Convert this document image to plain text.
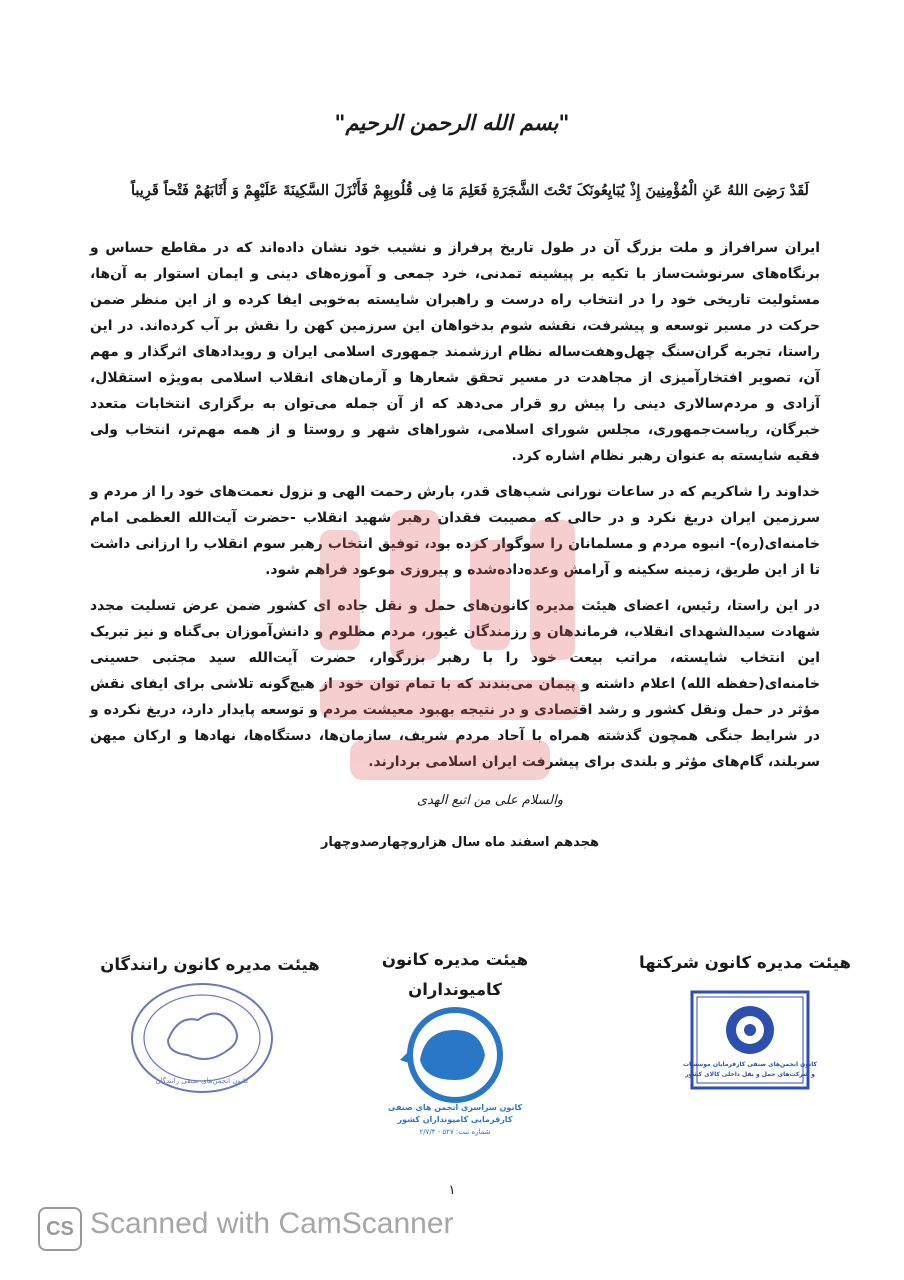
"بسم الله الرحمن الرحیم"
لَقَدْ رَضِیَ اللهُ عَنِ الْمُؤْمِنِینَ إِذْ یُبَایِعُونَکَ تَحْتَ الشَّجَرَةِ فَعَلِمَ مَا فِی قُلُوبِهِمْ فَأَنْزَلَ السَّکِینَةَ عَلَیْهِمْ وَ أَثَابَهُمْ فَتْحاً قَرِیباً

ایران سرافراز و ملت بزرگ آن در طول تاریخ پرفراز و نشیب خود نشان داده‌اند که در مقاطع حساس و برنگاه‌های سرنوشت‌ساز با تکیه بر پیشینه تمدنی، خرد جمعی و آموزه‌های دینی و ایمان استوار به آن‌ها، مسئولیت تاریخی خود را در انتخاب راه درست و راهبران شایسته به‌خوبی ایفا کرده و از این منظر ضمن حرکت در مسیر توسعه و پیشرفت، نقشه شوم بدخواهان این سرزمین کهن را نقش بر آب کرده‌اند. در این راستا، تجربه گران‌سنگ چهل‌وهفت‌ساله نظام ارزشمند جمهوری اسلامی ایران و رویدادهای اثرگذار و مهم آن، تصویر افتخارآمیزی از مجاهدت در مسیر تحقق شعارها و آرمان‌های انقلاب اسلامی به‌ویژه استقلال، آزادی و مردم‌سالاری دینی را پیش رو قرار می‌دهد که از آن جمله می‌توان به برگزاری انتخابات متعدد خبرگان، ریاست‌جمهوری، مجلس شورای اسلامی، شوراهای شهر و روستا و از همه مهم‌تر، انتخاب ولی فقیه شایسته به عنوان رهبر نظام اشاره کرد.

خداوند را شاکریم که در ساعات نورانی شب‌های قدر، بارش رحمت الهی و نزول نعمت‌های خود را از مردم و سرزمین ایران دریغ نکرد و در حالی که مصیبت فقدان رهبر شهید انقلاب -حضرت آیت‌الله العظمی امام خامنه‌ای(ره)- انبوه مردم و مسلمانان را سوگوار کرده بود، توفیق انتخاب رهبر سوم انقلاب را ارزانی داشت تا از این طریق، زمینه سکینه و آرامش وعده‌داده‌شده و پیروزی موعود فراهم شود.

در این راستا، رئیس، اعضای هیئت مدیره کانون‌های حمل و نقل جاده ای کشور ضمن عرض تسلیت مجدد شهادت سیدالشهدای انقلاب، فرماندهان و رزمندگان غیور، مردم مظلوم و دانش‌آموزان بی‌گناه و نیز تبریک این انتخاب شایسته، مراتب بیعت خود را با رهبر بزرگوار، حضرت آیت‌الله سید مجتبی حسینی خامنه‌ای(حفظه الله) اعلام داشته و پیمان می‌بندند که با تمام توان خود از هیچ‌گونه تلاشی برای ایفای نقش مؤثر در حمل ونقل کشور و رشد اقتصادی و در نتیجه بهبود معیشت مردم و توسعه پایدار دارد، دریغ نکرده و در شرایط جنگی همچون گذشته همراه با آحاد مردم شریف، سازمان‌ها، دستگاه‌ها، نهادها و ارکان میهن سربلند، گام‌های مؤثر و بلندی برای پیشرفت ایران اسلامی بردارند.

والسلام علی من اتبع الهدی
هجدهم اسفند ماه سال هزاروچهارصدوچهار
هیئت مدیره کانون شرکتها
هیئت مدیره کانون
کامیونداران
هیئت مدیره کانون رانندگان
کانون انجمن‌های صنفی رانندگان
کانون سراسری انجمن های صنفی
کارفرمایی کامیونداران کشور
شماره ثبت: ۵۲۷ - ۲/۷/۴
کانون انجمن‌های صنفی کارفرمایان موسسات
و شرکت‌های حمل و نقل داخلی کالای کشور
۱
CS Scanned with CamScanner
